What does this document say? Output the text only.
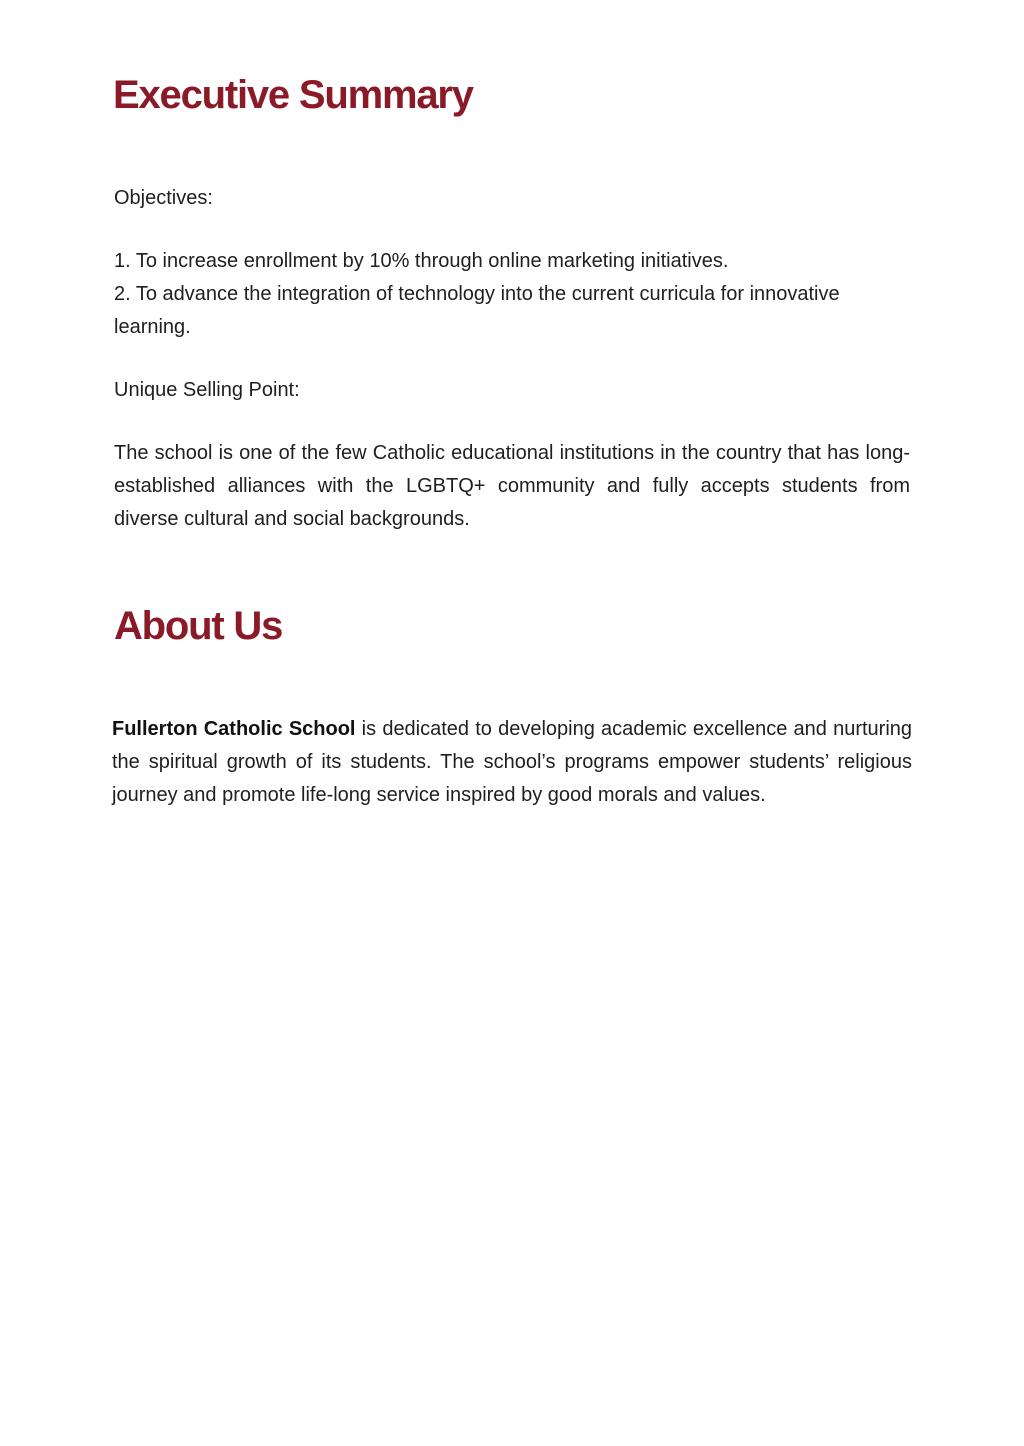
Executive Summary

Objectives:

1. To increase enrollment by 10% through online marketing initiatives.

2. To advance the integration of technology into the current curricula for innovative learning.

Unique Selling Point:

The school is one of the few Catholic educational institutions in the country that has long-established alliances with the LGBTQ+ community and fully accepts students from diverse cultural and social backgrounds.

About Us

Fullerton Catholic School is dedicated to developing academic excellence and nurturing the spiritual growth of its students. The school’s programs empower students’ religious journey and promote life-long service inspired by good morals and values.
